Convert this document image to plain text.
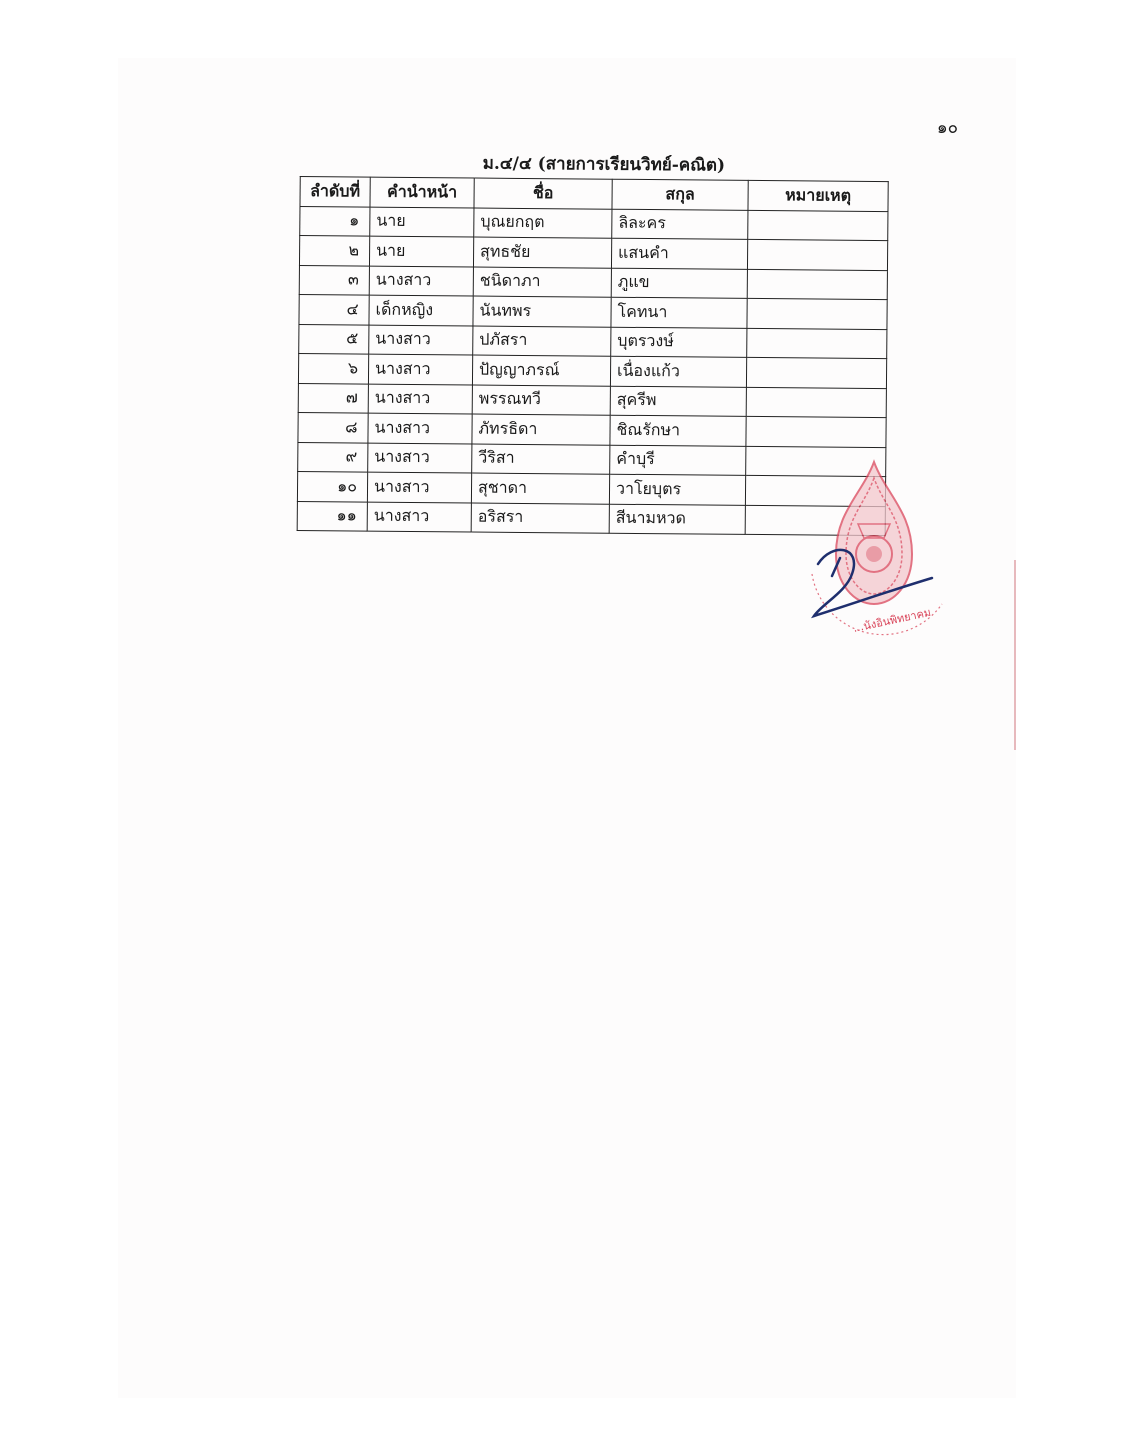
๑๐
ม.๔/๔ (สายการเรียนวิทย์-คณิต)
ลำดับที่	คำนำหน้า	ชื่อ	สกุล	หมายเหตุ
๑	นาย	บุณยกฤต	ลิละคร	
๒	นาย	สุทธชัย	แสนคำ	
๓	นางสาว	ชนิดาภา	ภูแข	
๔	เด็กหญิง	นันทพร	โคทนา	
๕	นางสาว	ปภัสรา	บุตรวงษ์	
๖	นางสาว	ปัญญาภรณ์	เนื่องแก้ว	
๗	นางสาว	พรรณทวี	สุครีพ	
๘	นางสาว	ภัทรธิดา	ชิณรักษา	
๙	นางสาว	วีริสา	คำบุรี	
๑๐	นางสาว	สุชาดา	วาโยบุตร	
๑๑	นางสาว	อริสรา	สีนามหวด	
...นังอินพิทยาคม
